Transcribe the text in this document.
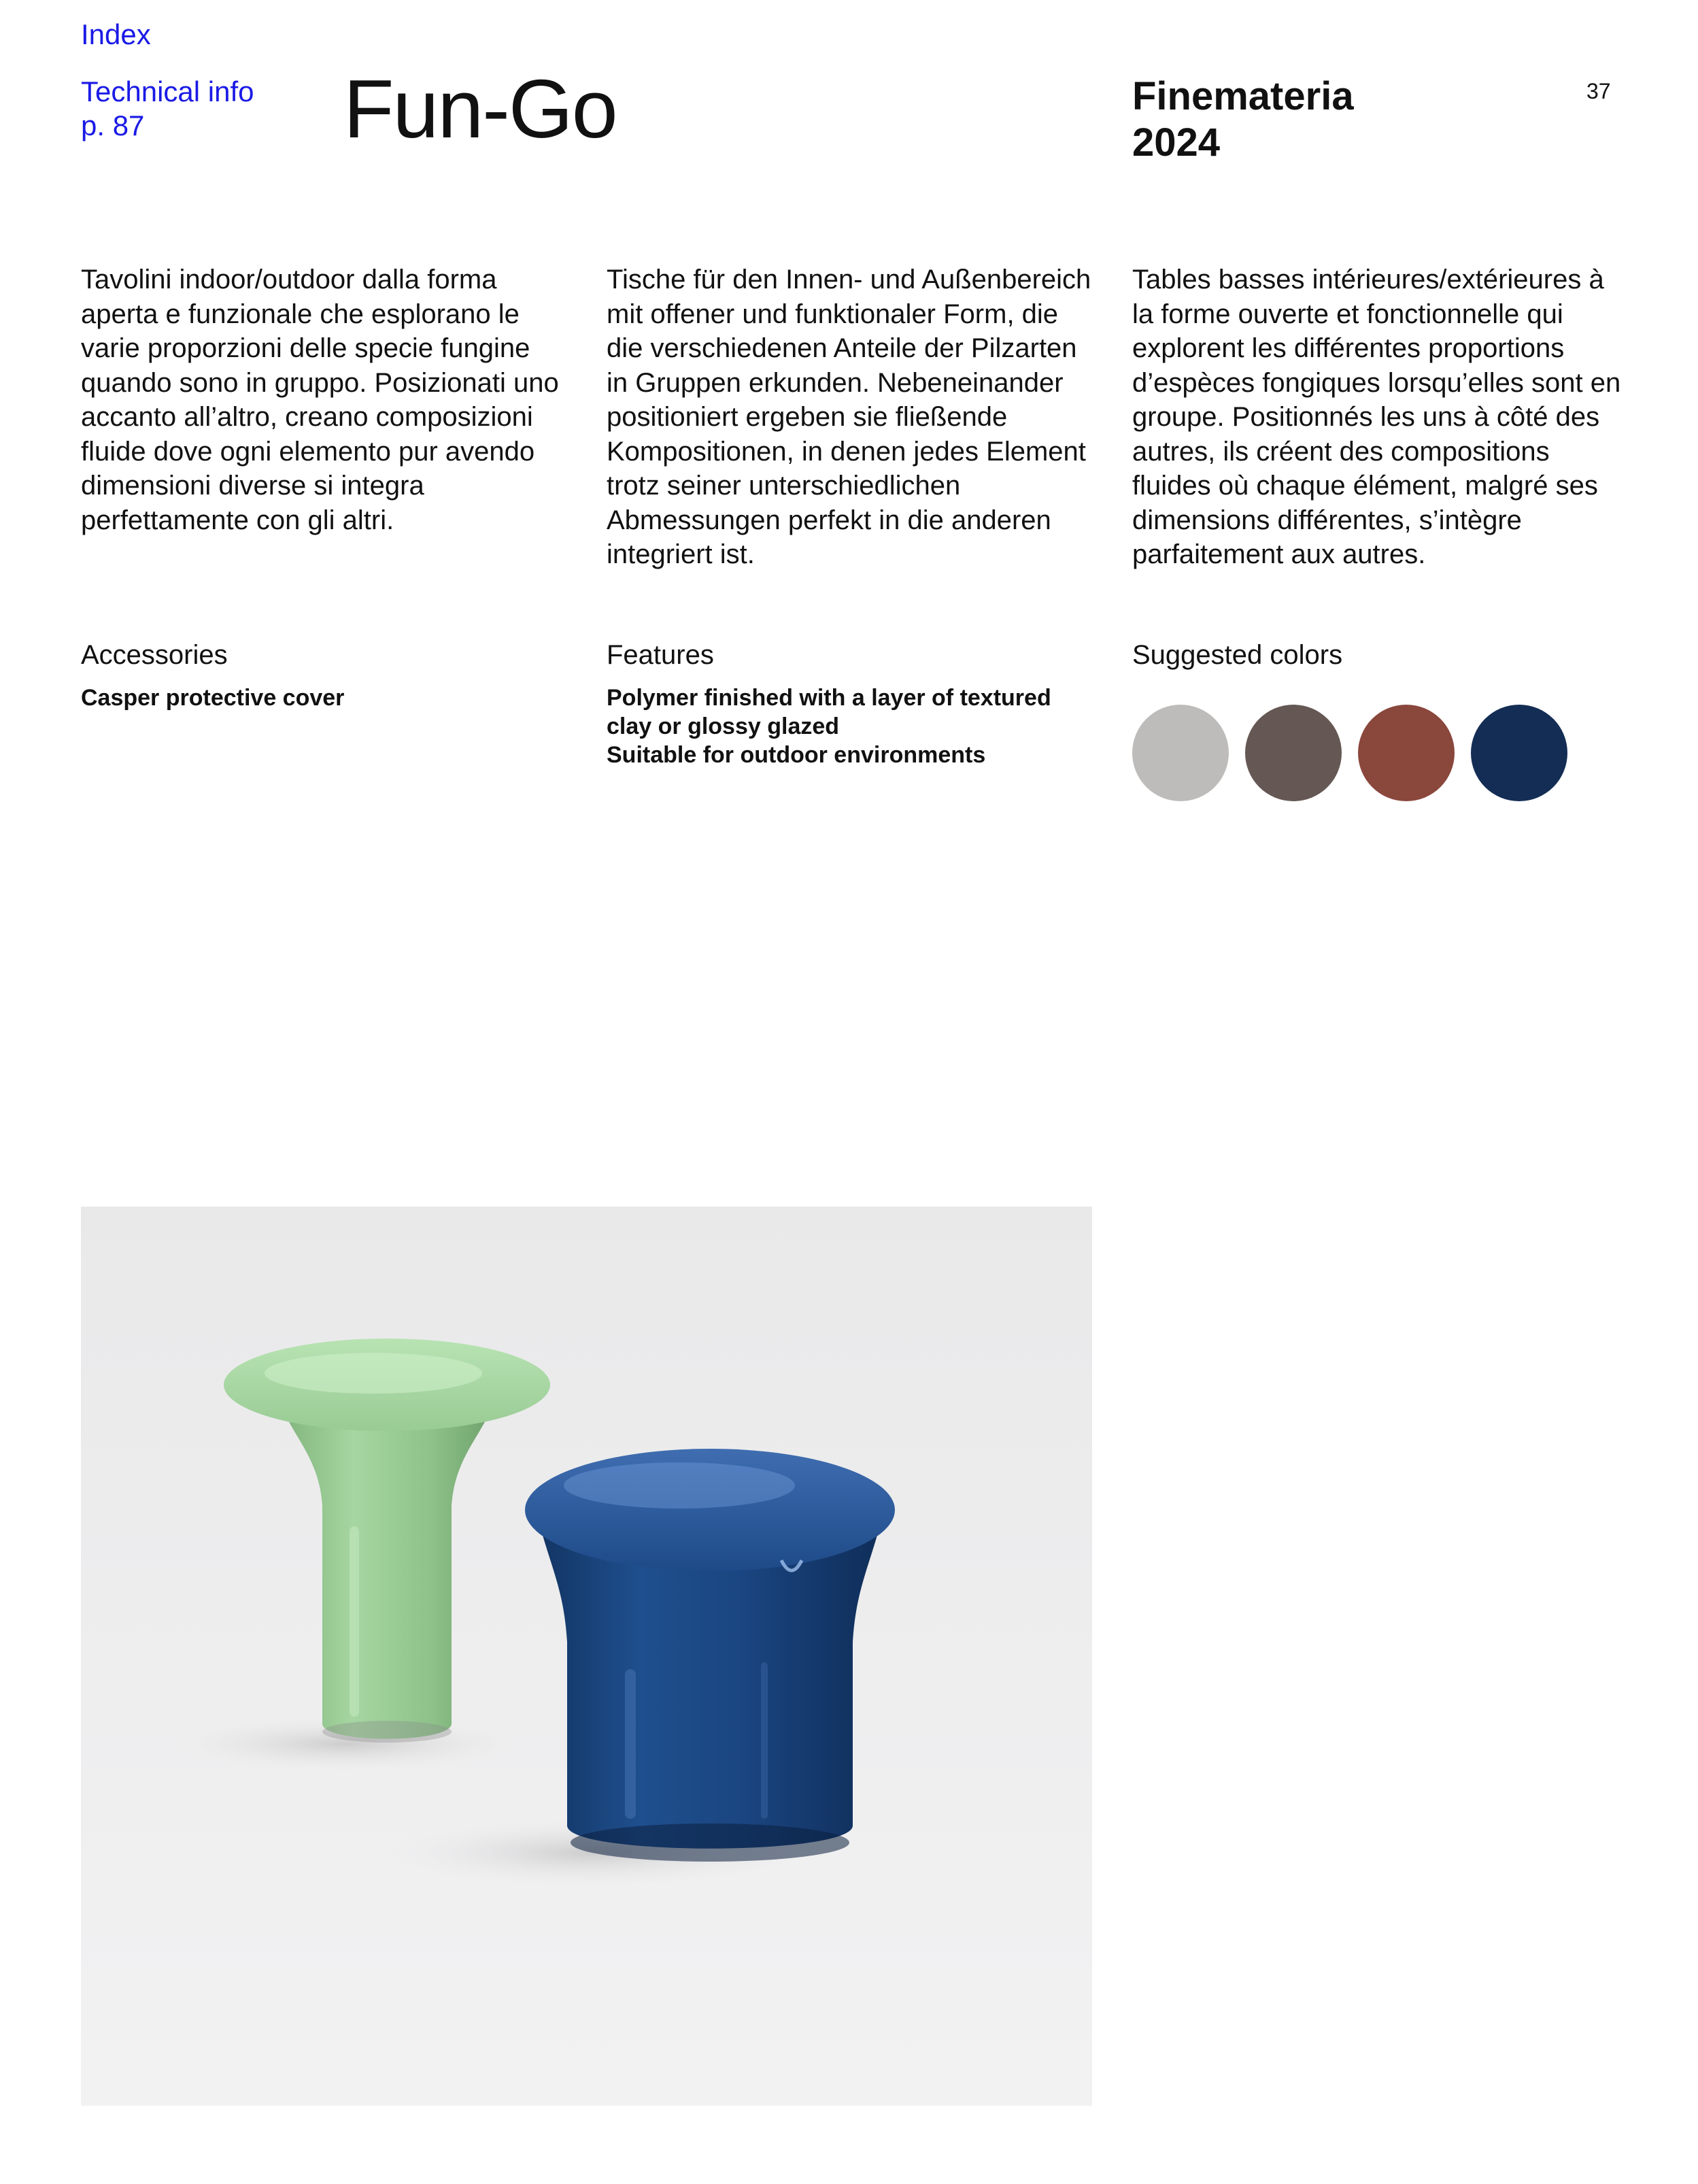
Index
Technical info
p. 87	Fun-Go	Finemateria
2024
37

Tavolini indoor/outdoor dalla forma aperta e funzionale che esplorano le varie proporzioni delle specie fungine quando sono in gruppo. Posizionati uno accanto all’altro, creano composizioni fluide dove ogni elemento pur avendo dimensioni diverse si integra perfettamente con gli altri.

Tische für den Innen- und Außenbereich mit offener und funktionaler Form, die die verschiedenen Anteile der Pilzarten in Gruppen erkunden. Nebeneinander positioniert ergeben sie fließende Kompositionen, in denen jedes Element trotz seiner unterschiedlichen Abmessungen perfekt in die anderen integriert ist.

Tables basses intérieures/extérieures à la forme ouverte et fonctionnelle qui explorent les différentes proportions d’espèces fongiques lorsqu’elles sont en groupe. Positionnés les uns à côté des autres, ils créent des compositions fluides où chaque élément, malgré ses dimensions différentes, s’intègre parfaitement aux autres.

Accessories
Casper protective cover
Features
Polymer finished with a layer of textured
clay or glossy glazed
Suitable for outdoor environments
Suggested colors
